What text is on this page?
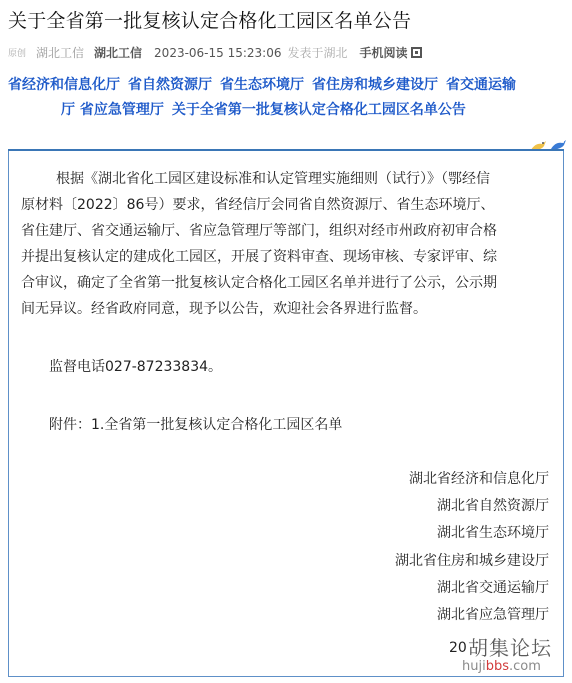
关于全省第一批复核认定合格化工园区名单公告
原创 湖北工信 湖北工信 2023-06-15 15:23:06 发表于湖北 手机阅读
省经济和信息化厅 省自然资源厅 省生态环境厅 省住房和城乡建设厅 省交通运输
厅 省应急管理厅 关于全省第一批复核认定合格化工园区名单公告

根据《湖北省化工园区建设标准和认定管理实施细则（试行）》（鄂经信
原材料〔2022〕86号）要求，省经信厅会同省自然资源厅、省生态环境厅、
省住建厅、省交通运输厅、省应急管理厅等部门，组织对经市州政府初审合格
并提出复核认定的建成化工园区，开展了资料审查、现场审核、专家评审、综
合审议，确定了全省第一批复核认定合格化工园区名单并进行了公示，公示期
间无异议。经省政府同意，现予以公告，欢迎社会各界进行监督。

监督电话027-87233834。
附件：1.全省第一批复核认定合格化工园区名单
湖北省经济和信息化厅
湖北省自然资源厅
湖北省生态环境厅
湖北省住房和城乡建设厅
湖北省交通运输厅
湖北省应急管理厅
20 胡集论坛
hujibbs.com
